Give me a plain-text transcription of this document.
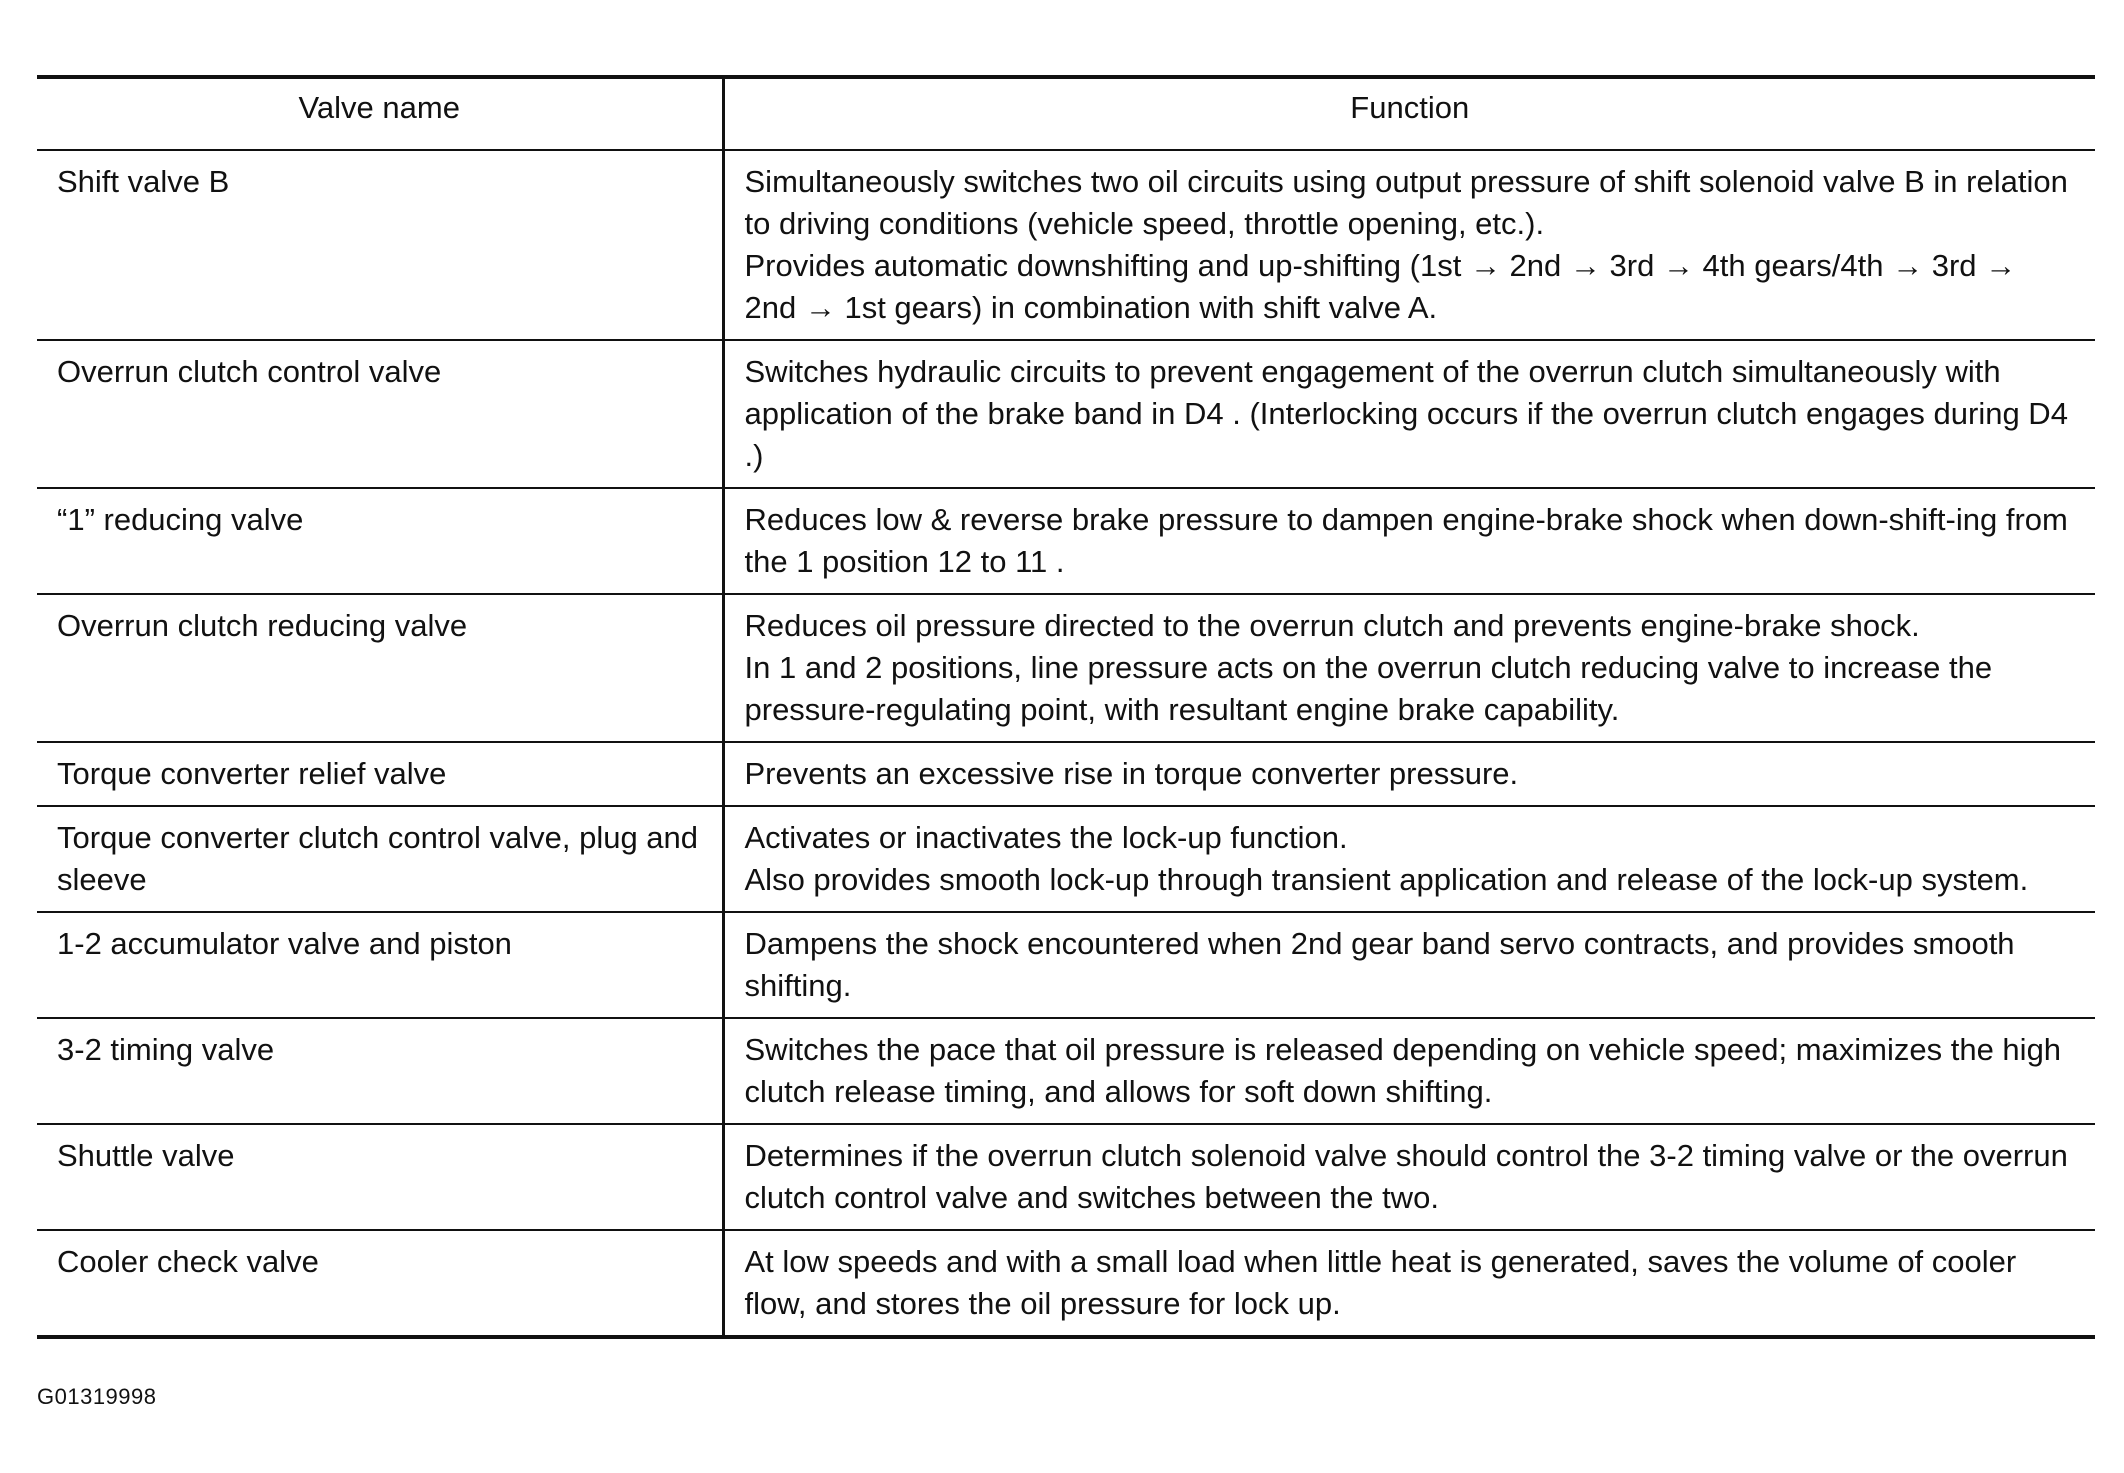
Valve name	Function

Shift valve B	Simultaneously switches two oil circuits using output pressure of shift solenoid valve B in relation to driving conditions (vehicle speed, throttle opening, etc.).
Provides automatic downshifting and up-shifting (1st → 2nd → 3rd → 4th gears/4th → 3rd → 2nd → 1st gears) in combination with shift valve A.

Overrun clutch control valve	Switches hydraulic circuits to prevent engagement of the overrun clutch simultaneously with application of the brake band in D4 . (Interlocking occurs if the overrun clutch engages during D4 .)

“1” reducing valve	Reduces low & reverse brake pressure to dampen engine-brake shock when down-shift-ing from the 1 position 12 to 11 .

Overrun clutch reducing valve	Reduces oil pressure directed to the overrun clutch and prevents engine-brake shock.
In 1 and 2 positions, line pressure acts on the overrun clutch reducing valve to increase the pressure-regulating point, with resultant engine brake capability.

Torque converter relief valve	Prevents an excessive rise in torque converter pressure.

Torque converter clutch control valve, plug and sleeve	Activates or inactivates the lock-up function.
Also provides smooth lock-up through transient application and release of the lock-up system.

1-2 accumulator valve and piston	Dampens the shock encountered when 2nd gear band servo contracts, and provides smooth shifting.

3-2 timing valve	Switches the pace that oil pressure is released depending on vehicle speed; maximizes the high clutch release timing, and allows for soft down shifting.

Shuttle valve	Determines if the overrun clutch solenoid valve should control the 3-2 timing valve or the overrun clutch control valve and switches between the two.

Cooler check valve	At low speeds and with a small load when little heat is generated, saves the volume of cooler flow, and stores the oil pressure for lock up.
G01319998
